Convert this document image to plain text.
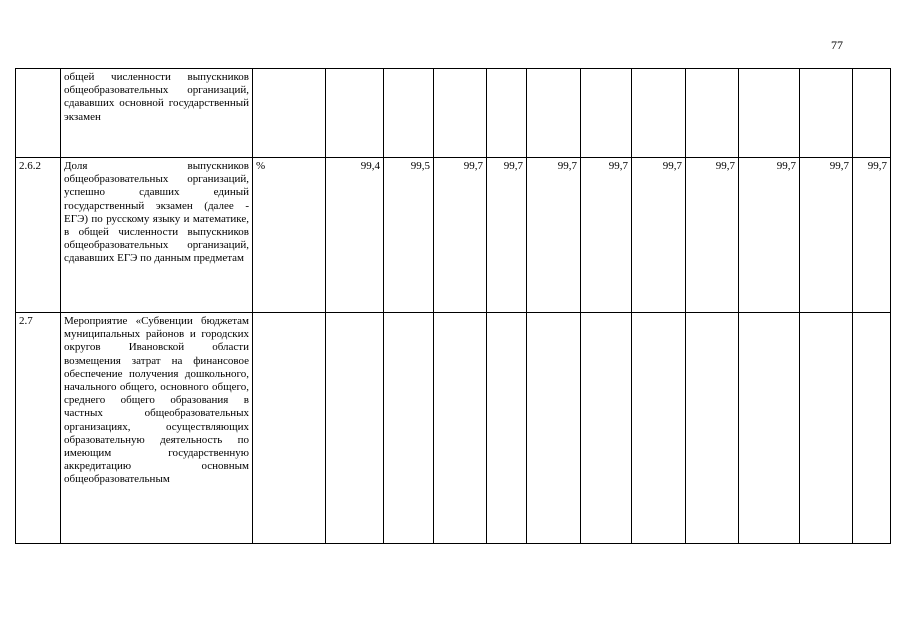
77
	общей численности выпускников общеобразовательных организаций, сдававших основной государственный экзамен												
2.6.2	Доля выпускников общеобразовательных организаций, успешно сдавших единый государственный экзамен (далее - ЕГЭ) по русскому языку и математике, в общей численности выпускников общеобразовательных организаций, сдававших ЕГЭ по данным предметам	%	99,4	99,5	99,7	99,7	99,7	99,7	99,7	99,7	99,7	99,7	99,7
2.7	Мероприятие «Субвенции бюджетам муниципальных районов и городских округов Ивановской области возмещения затрат на финансовое обеспечение получения дошкольного, начального общего, основного общего, среднего общего образования в частных общеобразовательных организациях, осуществляющих образовательную деятельность по имеющим государственную аккредитацию основным общеобразовательным												
